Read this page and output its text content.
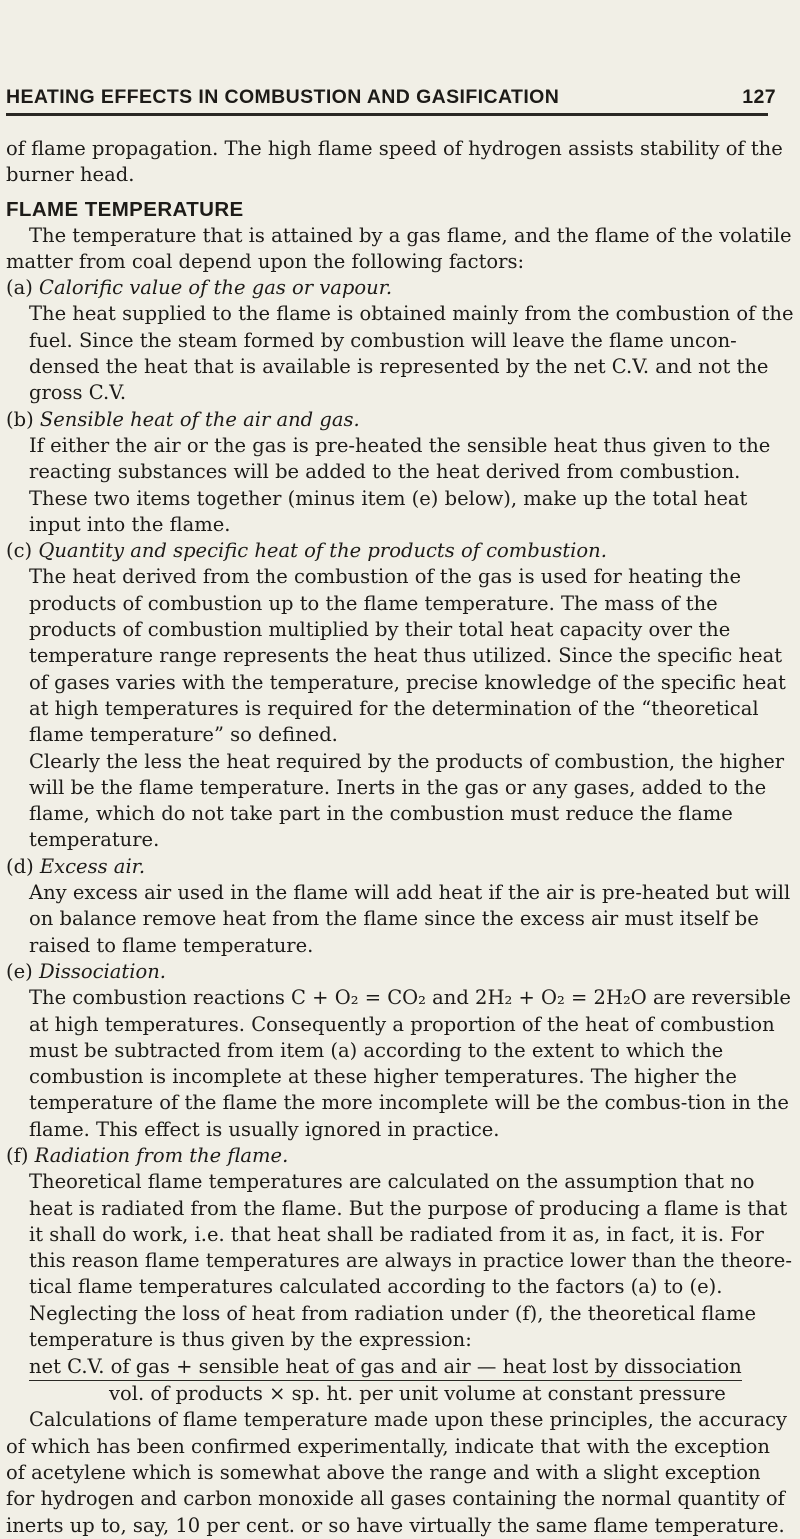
HEATING EFFECTS IN COMBUSTION AND GASIFICATION	127

of flame propagation. The high flame speed of hydrogen assists stability of the burner head.

FLAME TEMPERATURE

The temperature that is attained by a gas flame, and the flame of the volatile matter from coal depend upon the following factors:

(a) Calorific value of the gas or vapour.

The heat supplied to the flame is obtained mainly from the combustion of the fuel. Since the steam formed by combustion will leave the flame uncon-densed the heat that is available is represented by the net C.V. and not the gross C.V.

(b) Sensible heat of the air and gas.

If either the air or the gas is pre-heated the sensible heat thus given to the reacting substances will be added to the heat derived from combustion. These two items together (minus item (e) below), make up the total heat input into the flame.

(c) Quantity and specific heat of the products of combustion.

The heat derived from the combustion of the gas is used for heating the products of combustion up to the flame temperature. The mass of the products of combustion multiplied by their total heat capacity over the temperature range represents the heat thus utilized. Since the specific heat of gases varies with the temperature, precise knowledge of the specific heat at high temperatures is required for the determination of the “theoretical flame temperature” so defined.

Clearly the less the heat required by the products of combustion, the higher will be the flame temperature. Inerts in the gas or any gases, added to the flame, which do not take part in the combustion must reduce the flame temperature.

(d) Excess air.

Any excess air used in the flame will add heat if the air is pre-heated but will on balance remove heat from the flame since the excess air must itself be raised to flame temperature.

(e) Dissociation.

The combustion reactions C + O₂ = CO₂ and 2H₂ + O₂ = 2H₂O are reversible at high temperatures. Consequently a proportion of the heat of combustion must be subtracted from item (a) according to the extent to which the combustion is incomplete at these higher temperatures. The higher the temperature of the flame the more incomplete will be the combus-tion in the flame. This effect is usually ignored in practice.

(f) Radiation from the flame.

Theoretical flame temperatures are calculated on the assumption that no heat is radiated from the flame. But the purpose of producing a flame is that it shall do work, i.e. that heat shall be radiated from it as, in fact, it is. For this reason flame temperatures are always in practice lower than the theore-tical flame temperatures calculated according to the factors (a) to (e). Neglecting the loss of heat from radiation under (f), the theoretical flame temperature is thus given by the expression:

net C.V. of gas + sensible heat of gas and air — heat lost by dissociation
vol. of products × sp. ht. per unit volume at constant pressure

Calculations of flame temperature made upon these principles, the accuracy of which has been confirmed experimentally, indicate that with the exception of acetylene which is somewhat above the range and with a slight exception for hydrogen and carbon monoxide all gases containing the normal quantity of inerts up to, say, 10 per cent. or so have virtually the same flame temperature.
